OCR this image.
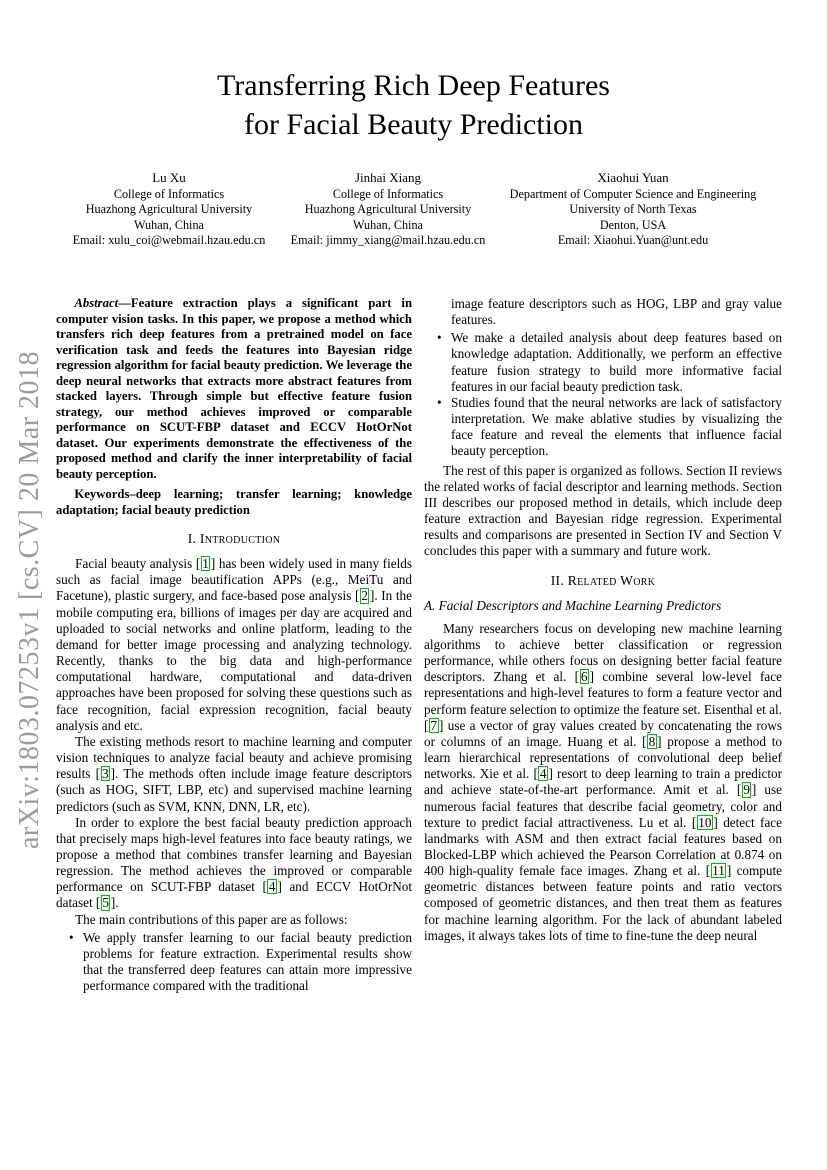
arXiv:1803.07253v1 [cs.CV] 20 Mar 2018
Transferring Rich Deep Features
for Facial Beauty Prediction
Lu Xu
College of Informatics
Huazhong Agricultural University
Wuhan, China
Email: xulu_coi@webmail.hzau.edu.cn
Jinhai Xiang
College of Informatics
Huazhong Agricultural University
Wuhan, China
Email: jimmy_xiang@mail.hzau.edu.cn
Xiaohui Yuan
Department of Computer Science and Engineering
University of North Texas
Denton, USA
Email: Xiaohui.Yuan@unt.edu

Abstract—Feature extraction plays a significant part in computer vision tasks. In this paper, we propose a method which transfers rich deep features from a pretrained model on face verification task and feeds the features into Bayesian ridge regression algorithm for facial beauty prediction. We leverage the deep neural networks that extracts more abstract features from stacked layers. Through simple but effective feature fusion strategy, our method achieves improved or comparable performance on SCUT-FBP dataset and ECCV HotOrNot dataset. Our experiments demonstrate the effectiveness of the proposed method and clarify the inner interpretability of facial beauty perception.

Keywords–deep learning; transfer learning; knowledge adaptation; facial beauty prediction

I. Introduction

Facial beauty analysis [ 1 ] has been widely used in many fields such as facial image beautification APPs (e.g., MeiTu and Facetune), plastic surgery, and face-based pose analysis [ 2 ]. In the mobile computing era, billions of images per day are acquired and uploaded to social networks and online platform, leading to the demand for better image processing and analyzing technology. Recently, thanks to the big data and high-performance computational hardware, computational and data-driven approaches have been proposed for solving these questions such as face recognition, facial expression recognition, facial beauty analysis and etc.

The existing methods resort to machine learning and computer vision techniques to analyze facial beauty and achieve promising results [ 3 ]. The methods often include image feature descriptors (such as HOG, SIFT, LBP, etc) and supervised machine learning predictors (such as SVM, KNN, DNN, LR, etc).

In order to explore the best facial beauty prediction approach that precisely maps high-level features into face beauty ratings, we propose a method that combines transfer learning and Bayesian regression. The method achieves the improved or comparable performance on SCUT-FBP dataset [ 4 ] and ECCV HotOrNot dataset [ 5 ].

The main contributions of this paper are as follows:

• We apply transfer learning to our facial beauty prediction problems for feature extraction. Experimental results show that the transferred deep features can attain more impressive performance compared with the traditional

image feature descriptors such as HOG, LBP and gray value features.

• We make a detailed analysis about deep features based on knowledge adaptation. Additionally, we perform an effective feature fusion strategy to build more informative facial features in our facial beauty prediction task.
• Studies found that the neural networks are lack of satisfactory interpretation. We make ablative studies by visualizing the face feature and reveal the elements that influence facial beauty perception.

The rest of this paper is organized as follows. Section II reviews the related works of facial descriptor and learning methods. Section III describes our proposed method in details, which include deep feature extraction and Bayesian ridge regression. Experimental results and comparisons are presented in Section IV and Section V concludes this paper with a summary and future work.

II. Related Work
A. Facial Descriptors and Machine Learning Predictors

Many researchers focus on developing new machine learning algorithms to achieve better classification or regression performance, while others focus on designing better facial feature descriptors. Zhang et al. [ 6 ] combine several low-level face representations and high-level features to form a feature vector and perform feature selection to optimize the feature set. Eisenthal et al. [ 7 ] use a vector of gray values created by concatenating the rows or columns of an image. Huang et al. [ 8 ] propose a method to learn hierarchical representations of convolutional deep belief networks. Xie et al. [ 4 ] resort to deep learning to train a predictor and achieve state-of-the-art performance. Amit et al. [ 9 ] use numerous facial features that describe facial geometry, color and texture to predict facial attractiveness. Lu et al. [ 10 ] detect face landmarks with ASM and then extract facial features based on Blocked-LBP which achieved the Pearson Correlation at 0.874 on 400 high-quality female face images. Zhang et al. [ 11 ] compute geometric distances between feature points and ratio vectors composed of geometric distances, and then treat them as features for machine learning algorithm. For the lack of abundant labeled images, it always takes lots of time to fine-tune the deep neural
